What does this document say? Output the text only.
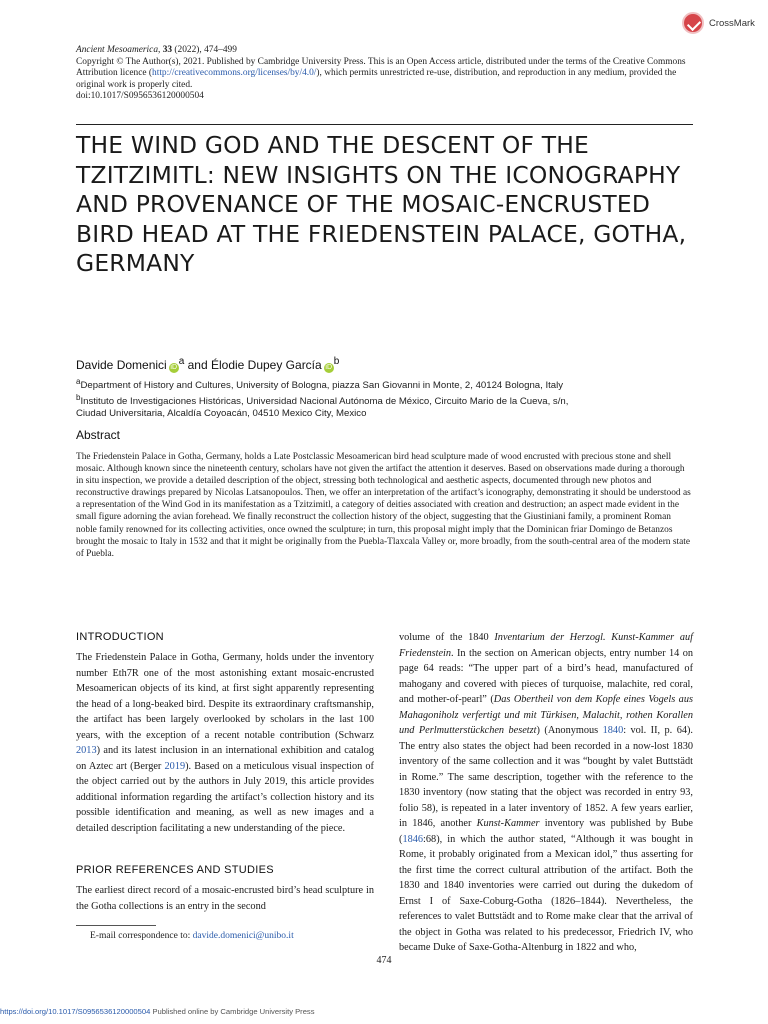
CrossMark
Ancient Mesoamerica, 33 (2022), 474–499
Copyright © The Author(s), 2021. Published by Cambridge University Press. This is an Open Access article, distributed under the terms of the Creative Commons Attribution licence (http://creativecommons.org/licenses/by/4.0/), which permits unrestricted re-use, distribution, and reproduction in any medium, provided the original work is properly cited.
doi:10.1017/S0956536120000504
THE WIND GOD AND THE DESCENT OF THE TZITZIMITL: NEW INSIGHTS ON THE ICONOGRAPHY AND PROVENANCE OF THE MOSAIC-ENCRUSTED BIRD HEAD AT THE FRIEDENSTEIN PALACE, GOTHA, GERMANY
Davide Domenici $iD^a$ and Élodie Dupey García $iD^b$
$^a$Department of History and Cultures, University of Bologna, piazza San Giovanni in Monte, 2, 40124 Bologna, Italy
$^b$Instituto de Investigaciones Históricas, Universidad Nacional Autónoma de México, Circuito Mario de la Cueva, s/n,
Ciudad Universitaria, Alcaldía Coyoacán, 04510 Mexico City, Mexico
Abstract

The Friedenstein Palace in Gotha, Germany, holds a Late Postclassic Mesoamerican bird head sculpture made of wood encrusted with precious stone and shell mosaic. Although known since the nineteenth century, scholars have not given the artifact the attention it deserves. Based on observations made during a thorough in situ inspection, we provide a detailed description of the object, stressing both technological and aesthetic aspects, documented through new photos and reconstructive drawings prepared by Nicolas Latsanopoulos. Then, we offer an interpretation of the artifact’s iconography, demonstrating it should be understood as a representation of the Wind God in its manifestation as a Tzitzimitl, a category of deities associated with creation and destruction; an aspect made evident in the small figure adorning the avian forehead. We finally reconstruct the collection history of the object, suggesting that the Giustiniani family, a prominent Roman noble family renowned for its collecting activities, once owned the sculpture; in turn, this proposal might imply that the Dominican friar Domingo de Betanzos brought the mosaic to Italy in 1532 and that it might be originally from the Puebla-Tlaxcala Valley or, more broadly, from the south-central area of the modern state of Puebla.

INTRODUCTION

The Friedenstein Palace in Gotha, Germany, holds under the inventory number Eth7R one of the most astonishing extant mosaic-encrusted Mesoamerican objects of its kind, at first sight apparently representing the head of a long-beaked bird. Despite its extraordinary craftsmanship, the artifact has been largely overlooked by scholars in the last 100 years, with the exception of a recent notable contribution (Schwarz 2013) and its latest inclusion in an international exhibition and catalog on Aztec art (Berger 2019). Based on a meticulous visual inspection of the object carried out by the authors in July 2019, this article provides additional information regarding the artifact’s collection history and its possible identification and meaning, as well as new images and a detailed description facilitating a new understanding of the piece.

PRIOR REFERENCES AND STUDIES

The earliest direct record of a mosaic-encrusted bird’s head sculpture in the Gotha collections is an entry in the second

volume of the 1840 Inventarium der Herzogl. Kunst-Kammer auf Friedenstein. In the section on American objects, entry number 14 on page 64 reads: “The upper part of a bird’s head, manufactured of mahogany and covered with pieces of turquoise, malachite, red coral, and mother-of-pearl” (Das Obertheil von dem Kopfe eines Vogels aus Mahagoniholz verfertigt und mit Türkisen, Malachit, rothen Korallen und Perlmutterstückchen besetzt) (Anonymous 1840: vol. II, p. 64). The entry also states the object had been recorded in a now-lost 1830 inventory of the same collection and it was “bought by valet Buttstädt in Rome.” The same description, together with the reference to the 1830 inventory (now stating that the object was recorded in entry 93, folio 58), is repeated in a later inventory of 1852. A few years earlier, in 1846, another Kunst-Kammer inventory was published by Bube (1846:68), in which the author stated, “Although it was bought in Rome, it probably originated from a Mexican idol,” thus asserting for the first time the correct cultural attribution of the artifact. Both the 1830 and 1840 inventories were carried out during the dukedom of Ernst I of Saxe-Coburg-Gotha (1826–1844). Nevertheless, the references to valet Buttstädt and to Rome make clear that the arrival of the object in Gotha was related to his predecessor, Friedrich IV, who became Duke of Saxe-Gotha-Altenburg in 1822 and who,

E-mail correspondence to: davide.domenici@unibo.it
474
https://doi.org/10.1017/S0956536120000504 Published online by Cambridge University Press
